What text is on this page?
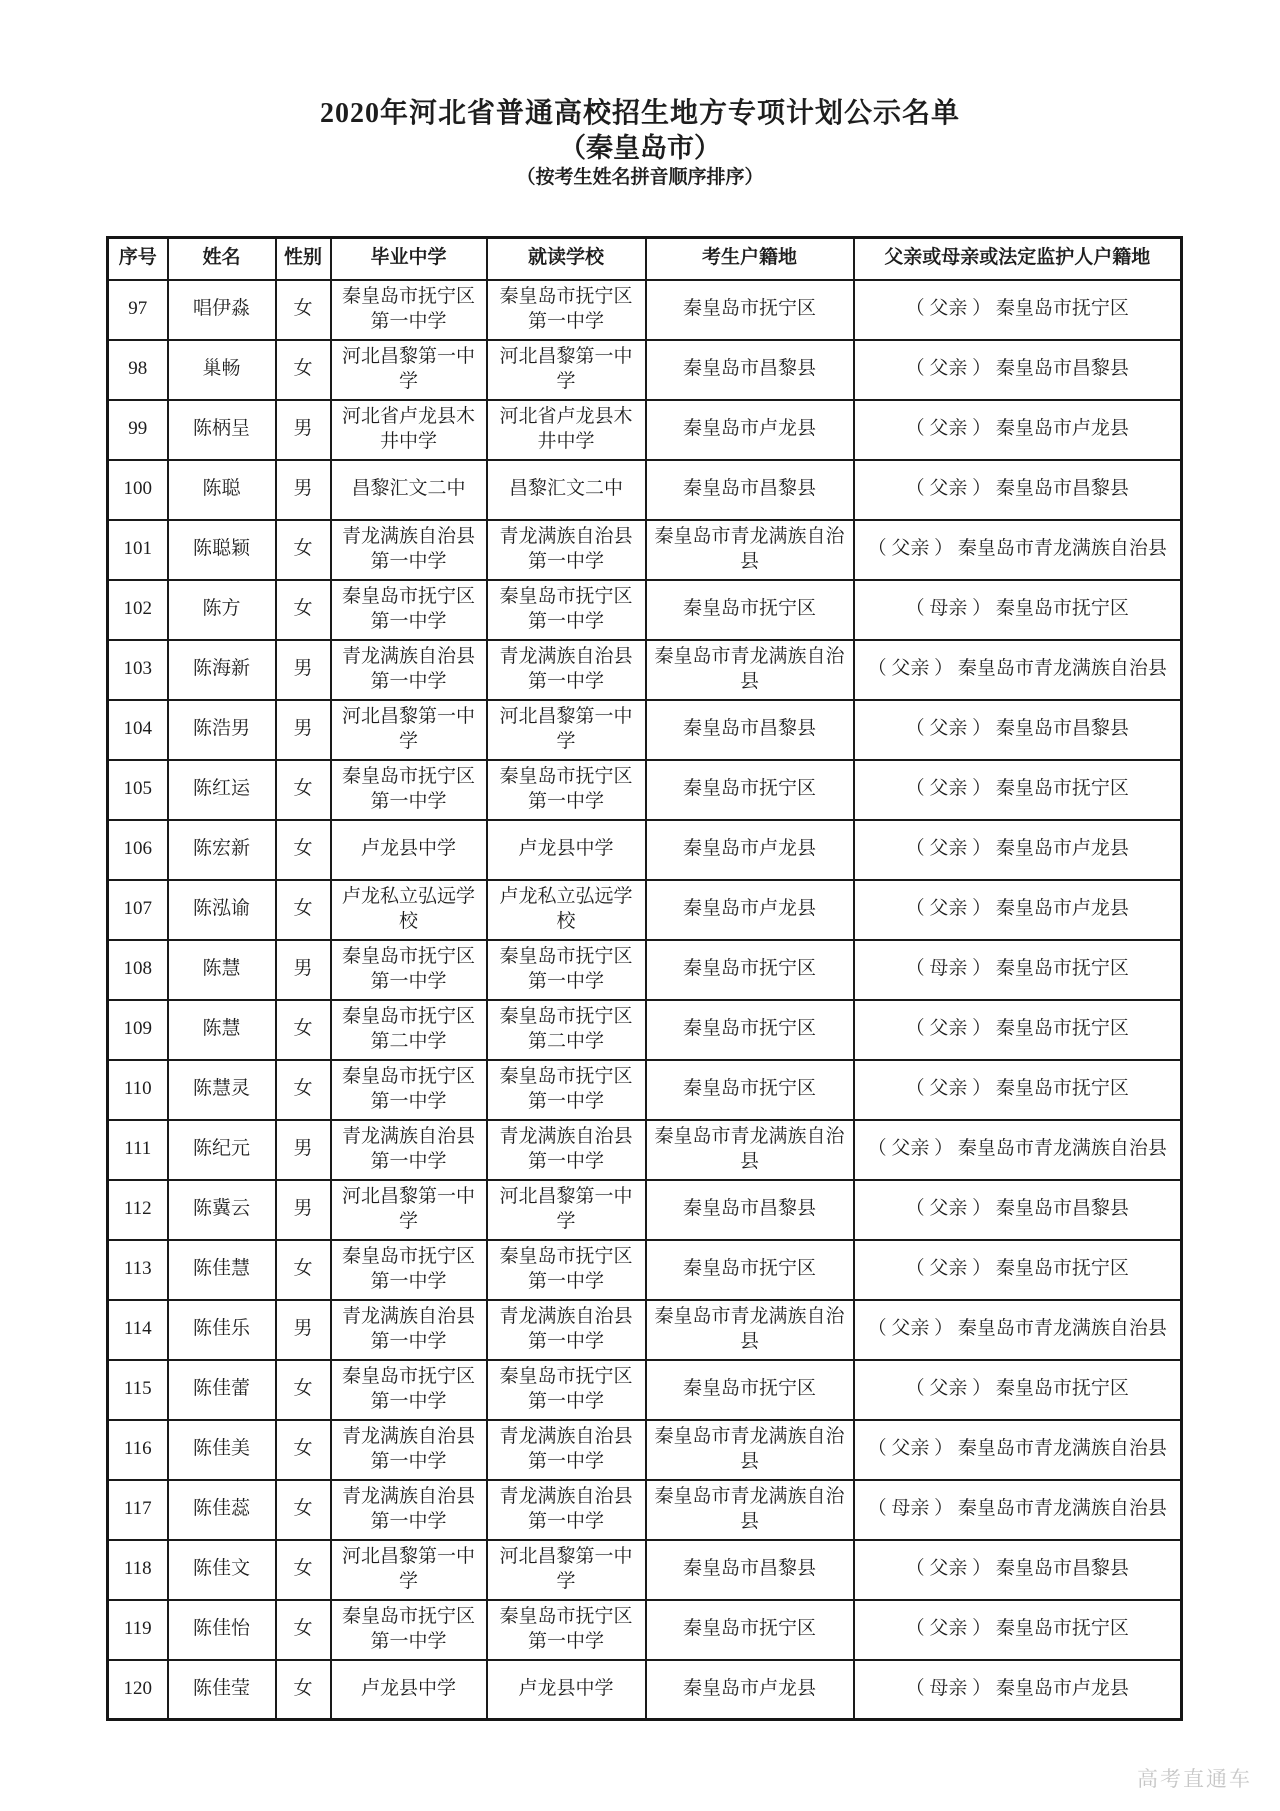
2020年河北省普通高校招生地方专项计划公示名单
（秦皇岛市）
（按考生姓名拼音顺序排序）
序号	姓名	性别	毕业中学	就读学校	考生户籍地	父亲或母亲或法定监护人户籍地
97	唱伊淼	女	秦皇岛市抚宁区第一中学	秦皇岛市抚宁区第一中学	秦皇岛市抚宁区	（ 父亲 ） 秦皇岛市抚宁区
98	巢畅	女	河北昌黎第一中学	河北昌黎第一中学	秦皇岛市昌黎县	（ 父亲 ） 秦皇岛市昌黎县
99	陈柄呈	男	河北省卢龙县木井中学	河北省卢龙县木井中学	秦皇岛市卢龙县	（ 父亲 ） 秦皇岛市卢龙县
100	陈聪	男	昌黎汇文二中	昌黎汇文二中	秦皇岛市昌黎县	（ 父亲 ） 秦皇岛市昌黎县
101	陈聪颖	女	青龙满族自治县第一中学	青龙满族自治县第一中学	秦皇岛市青龙满族自治县	（ 父亲 ） 秦皇岛市青龙满族自治县
102	陈方	女	秦皇岛市抚宁区第一中学	秦皇岛市抚宁区第一中学	秦皇岛市抚宁区	（ 母亲 ） 秦皇岛市抚宁区
103	陈海新	男	青龙满族自治县第一中学	青龙满族自治县第一中学	秦皇岛市青龙满族自治县	（ 父亲 ） 秦皇岛市青龙满族自治县
104	陈浩男	男	河北昌黎第一中学	河北昌黎第一中学	秦皇岛市昌黎县	（ 父亲 ） 秦皇岛市昌黎县
105	陈红运	女	秦皇岛市抚宁区第一中学	秦皇岛市抚宁区第一中学	秦皇岛市抚宁区	（ 父亲 ） 秦皇岛市抚宁区
106	陈宏新	女	卢龙县中学	卢龙县中学	秦皇岛市卢龙县	（ 父亲 ） 秦皇岛市卢龙县
107	陈泓谕	女	卢龙私立弘远学校	卢龙私立弘远学校	秦皇岛市卢龙县	（ 父亲 ） 秦皇岛市卢龙县
108	陈慧	男	秦皇岛市抚宁区第一中学	秦皇岛市抚宁区第一中学	秦皇岛市抚宁区	（ 母亲 ） 秦皇岛市抚宁区
109	陈慧	女	秦皇岛市抚宁区第二中学	秦皇岛市抚宁区第二中学	秦皇岛市抚宁区	（ 父亲 ） 秦皇岛市抚宁区
110	陈慧灵	女	秦皇岛市抚宁区第一中学	秦皇岛市抚宁区第一中学	秦皇岛市抚宁区	（ 父亲 ） 秦皇岛市抚宁区
111	陈纪元	男	青龙满族自治县第一中学	青龙满族自治县第一中学	秦皇岛市青龙满族自治县	（ 父亲 ） 秦皇岛市青龙满族自治县
112	陈冀云	男	河北昌黎第一中学	河北昌黎第一中学	秦皇岛市昌黎县	（ 父亲 ） 秦皇岛市昌黎县
113	陈佳慧	女	秦皇岛市抚宁区第一中学	秦皇岛市抚宁区第一中学	秦皇岛市抚宁区	（ 父亲 ） 秦皇岛市抚宁区
114	陈佳乐	男	青龙满族自治县第一中学	青龙满族自治县第一中学	秦皇岛市青龙满族自治县	（ 父亲 ） 秦皇岛市青龙满族自治县
115	陈佳蕾	女	秦皇岛市抚宁区第一中学	秦皇岛市抚宁区第一中学	秦皇岛市抚宁区	（ 父亲 ） 秦皇岛市抚宁区
116	陈佳美	女	青龙满族自治县第一中学	青龙满族自治县第一中学	秦皇岛市青龙满族自治县	（ 父亲 ） 秦皇岛市青龙满族自治县
117	陈佳蕊	女	青龙满族自治县第一中学	青龙满族自治县第一中学	秦皇岛市青龙满族自治县	（ 母亲 ） 秦皇岛市青龙满族自治县
118	陈佳文	女	河北昌黎第一中学	河北昌黎第一中学	秦皇岛市昌黎县	（ 父亲 ） 秦皇岛市昌黎县
119	陈佳怡	女	秦皇岛市抚宁区第一中学	秦皇岛市抚宁区第一中学	秦皇岛市抚宁区	（ 父亲 ） 秦皇岛市抚宁区
120	陈佳莹	女	卢龙县中学	卢龙县中学	秦皇岛市卢龙县	（ 母亲 ） 秦皇岛市卢龙县
高考直通车
